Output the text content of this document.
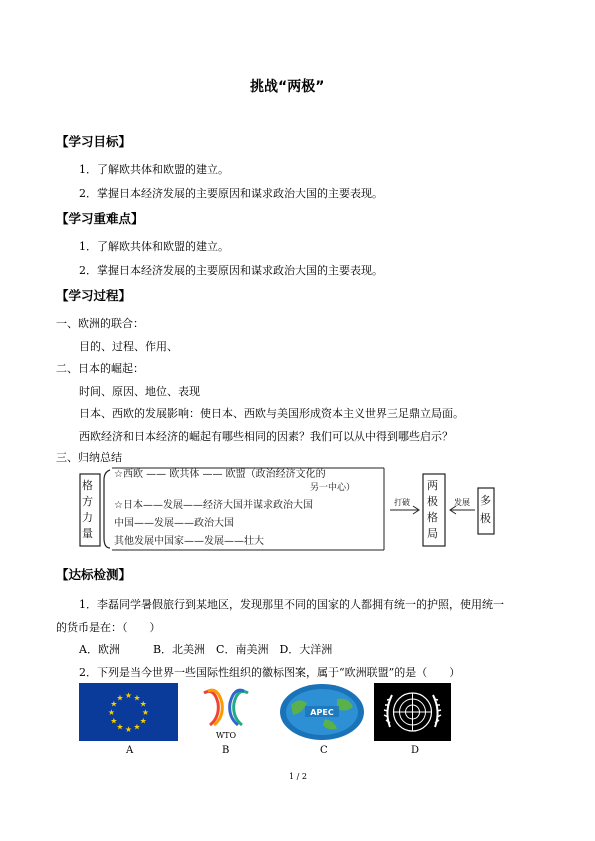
挑战“两极”
【学习目标】
1．了解欧共体和欧盟的建立。
2．掌握日本经济发展的主要原因和谋求政治大国的主要表现。
【学习重难点】
1．了解欧共体和欧盟的建立。
2．掌握日本经济发展的主要原因和谋求政治大国的主要表现。
【学习过程】
一、欧洲的联合：
目的、过程、作用、
二、日本的崛起：
时间、原因、地位、表现
日本、西欧的发展影响：使日本、西欧与美国形成资本主义世界三足鼎立局面。
西欧经济和日本经济的崛起有哪些相同的因素？我们可以从中得到哪些启示？
三、归纳总结
格方力量
☆西欧 —— 欧共体 —— 欧盟（政治经济文化的
另一中心）
☆日本——发展——经济大国并谋求政治大国
中国——发展——政治大国
其他发展中国家——发展——壮大
打破
两极格局
发展 多极
【达标检测】
1．李磊同学暑假旅行到某地区，发现那里不同的国家的人都拥有统一的护照，使用统一
的货币是在：（　　）
A．欧洲　　　B．北美洲　C．南美洲　D．大洋洲
2．下列是当今世界一些国际性组织的徽标图案，属于“欧洲联盟”的是（　　）
★
★
★
★
★
★
★
★
★ ★ ★
★
A
WTO
B
APEC
C	D
1 / 2
